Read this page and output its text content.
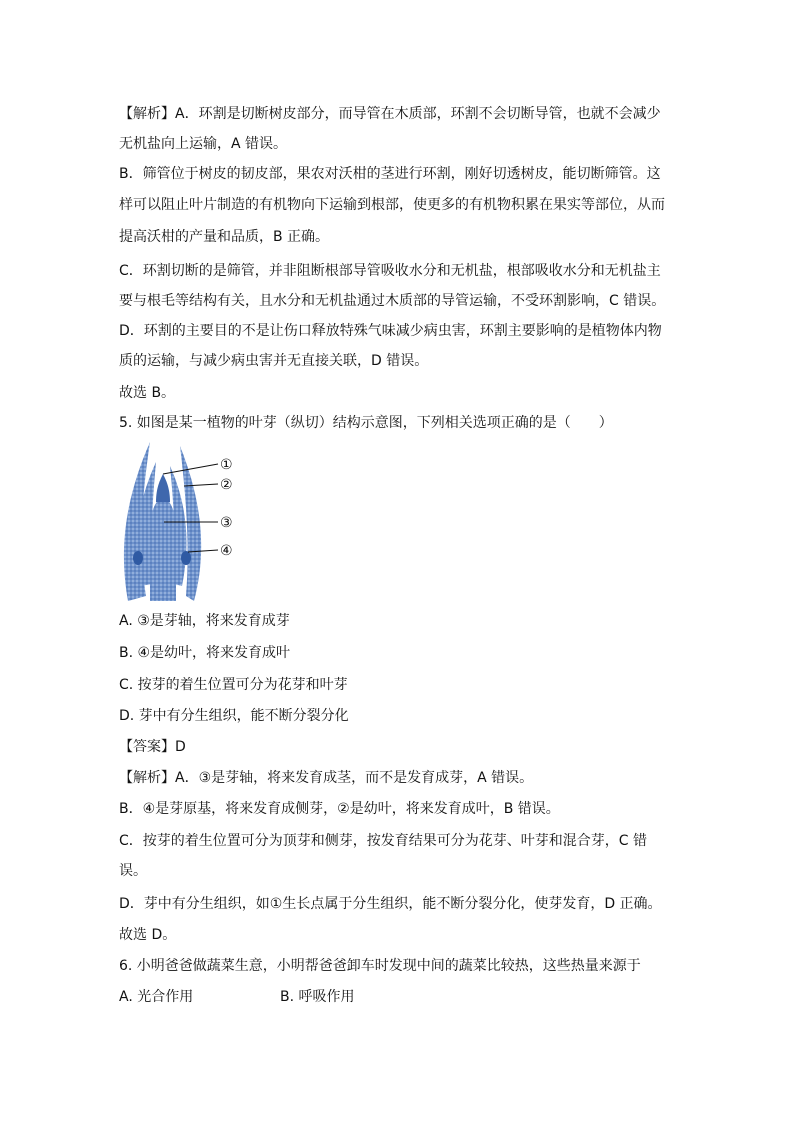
【解析】A．环割是切断树皮部分，而导管在木质部，环割不会切断导管，也就不会减少
无机盐向上运输，A 错误。
B．筛管位于树皮的韧皮部，果农对沃柑的茎进行环割，刚好切透树皮，能切断筛管。这
样可以阻止叶片制造的有机物向下运输到根部，使更多的有机物积累在果实等部位，从而
提高沃柑的产量和品质，B 正确。
C．环割切断的是筛管，并非阻断根部导管吸收水分和无机盐，根部吸收水分和无机盐主
要与根毛等结构有关，且水分和无机盐通过木质部的导管运输，不受环割影响，C 错误。
D．环割的主要目的不是让伤口释放特殊气味减少病虫害，环割主要影响的是植物体内物
质的运输，与减少病虫害并无直接关联，D 错误。
故选 B。
5. 如图是某一植物的叶芽（纵切）结构示意图，下列相关选项正确的是（　　）
①
②
③
④
A. ③是芽轴，将来发育成芽
B. ④是幼叶，将来发育成叶
C. 按芽的着生位置可分为花芽和叶芽
D. 芽中有分生组织，能不断分裂分化
【答案】D
【解析】A．③是芽轴，将来发育成茎，而不是发育成芽，A 错误。
B．④是芽原基，将来发育成侧芽，②是幼叶，将来发育成叶，B 错误。
C．按芽的着生位置可分为顶芽和侧芽，按发育结果可分为花芽、叶芽和混合芽，C 错
误。
D．芽中有分生组织，如①生长点属于分生组织，能不断分裂分化，使芽发育，D 正确。
故选 D。
6. 小明爸爸做蔬菜生意，小明帮爸爸卸车时发现中间的蔬菜比较热，这些热量来源于
A. 光合作用	B. 呼吸作用
